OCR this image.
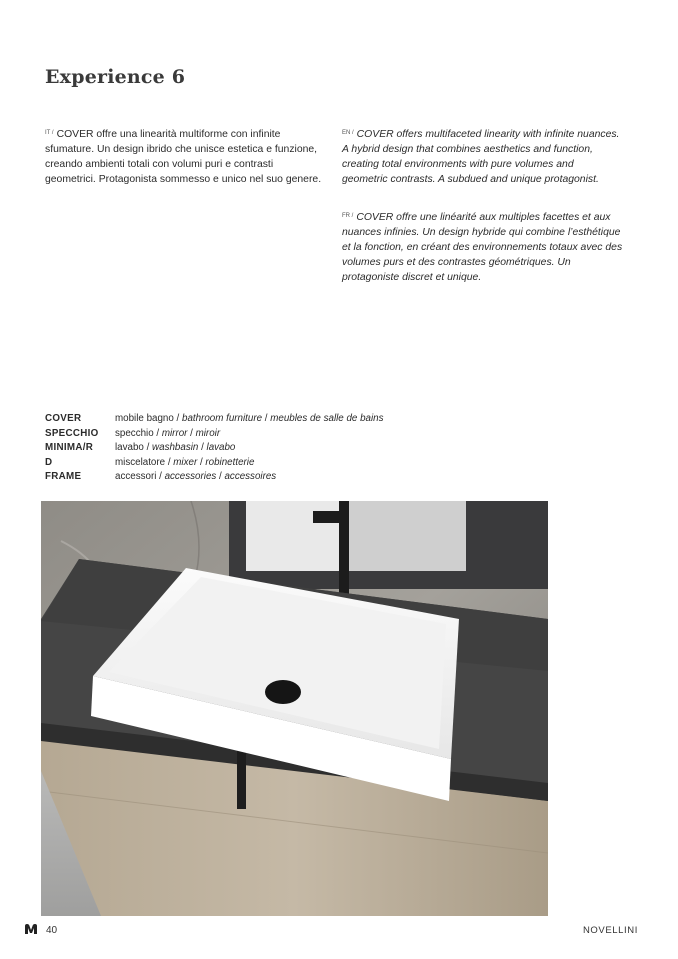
Experience 6
$^{IT /}$ COVER offre una linearità multiforme con infinite sfumature. Un design ibrido che unisce estetica e funzione, creando ambienti totali con volumi puri e contrasti geometrici. Protagonista sommesso e unico nel suo genere.
$^{EN /}$ COVER offers multifaceted linearity with infinite nuances. A hybrid design that combines aesthetics and function, creating total environments with pure volumes and geometric contrasts. A subdued and unique protagonist.
$^{FR /}$ COVER offre une linéarité aux multiples facettes et aux nuances infinies. Un design hybride qui combine l’esthétique et la fonction, en créant des environnements totaux avec des volumes purs et des contrastes géométriques. Un protagoniste discret et unique.
COVER	mobile bagno / bathroom furniture / meubles de salle de bains
SPECCHIO	specchio / mirror / miroir
MINIMA/R	lavabo / washbasin / lavabo
D	miscelatore / mixer / robinetterie
FRAME	accessori / accessories / accessoires
40	NOVELLINI
